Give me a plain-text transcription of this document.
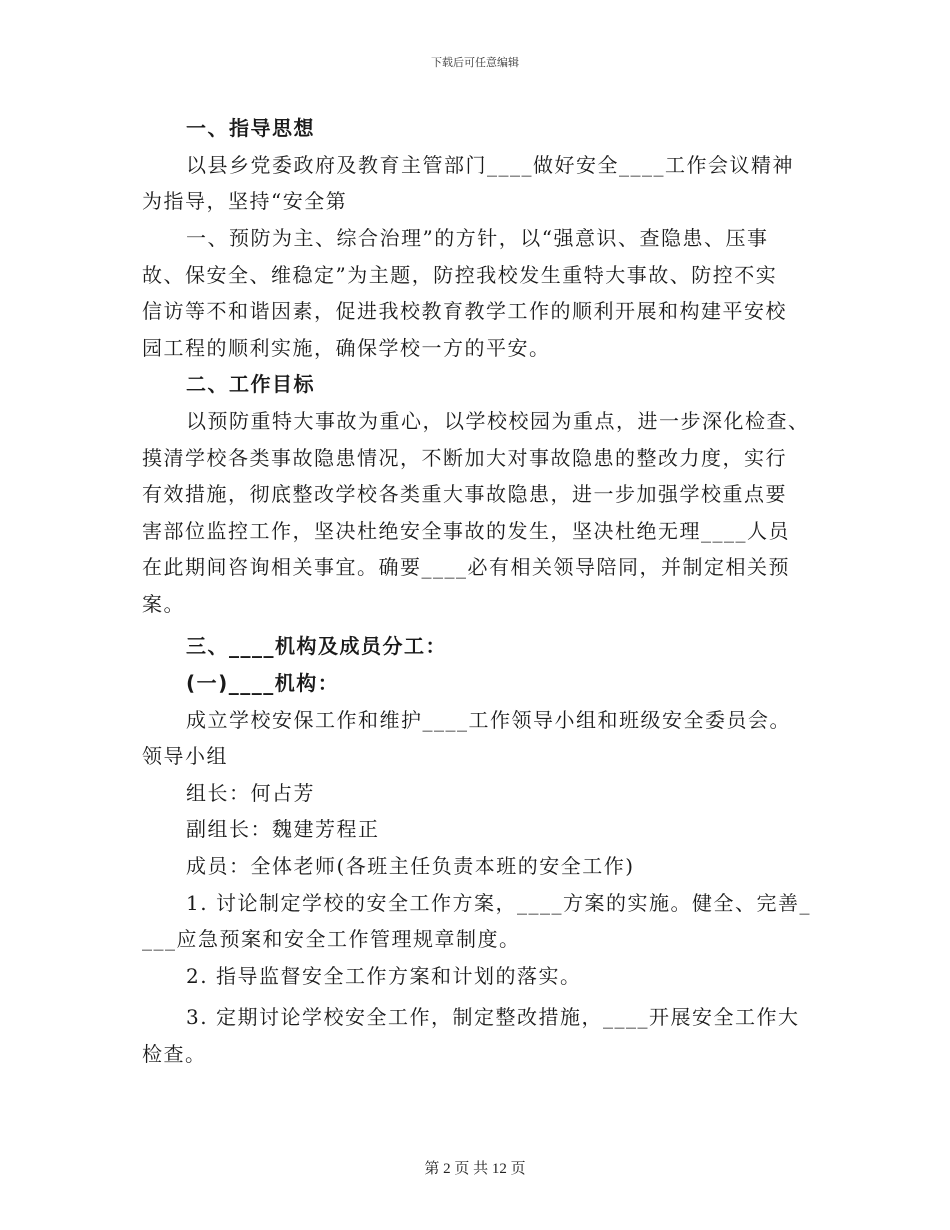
下载后可任意编辑
一、指导思想
以县乡党委政府及教育主管部门____做好安全____工作会议精神
为指导，坚持“安全第
一、预防为主、综合治理”的方针，以“强意识、查隐患、压事
故、保安全、维稳定”为主题，防控我校发生重特大事故、防控不实
信访等不和谐因素，促进我校教育教学工作的顺利开展和构建平安校
园工程的顺利实施，确保学校一方的平安。
二、工作目标
以预防重特大事故为重心，以学校校园为重点，进一步深化检查、
摸清学校各类事故隐患情况，不断加大对事故隐患的整改力度，实行
有效措施，彻底整改学校各类重大事故隐患，进一步加强学校重点要
害部位监控工作，坚决杜绝安全事故的发生，坚决杜绝无理____人员
在此期间咨询相关事宜。确要____必有相关领导陪同，并制定相关预
案。
三、____机构及成员分工：
(一)____机构：
成立学校安保工作和维护____工作领导小组和班级安全委员会。
领导小组
组长：何占芳
副组长：魏建芳程正
成员：全体老师(各班主任负责本班的安全工作)
1. 讨论制定学校的安全工作方案，____方案的实施。健全、完善_
___应急预案和安全工作管理规章制度。
2. 指导监督安全工作方案和计划的落实。
3. 定期讨论学校安全工作，制定整改措施，____开展安全工作大
检查。
第 2 页 共 12 页
